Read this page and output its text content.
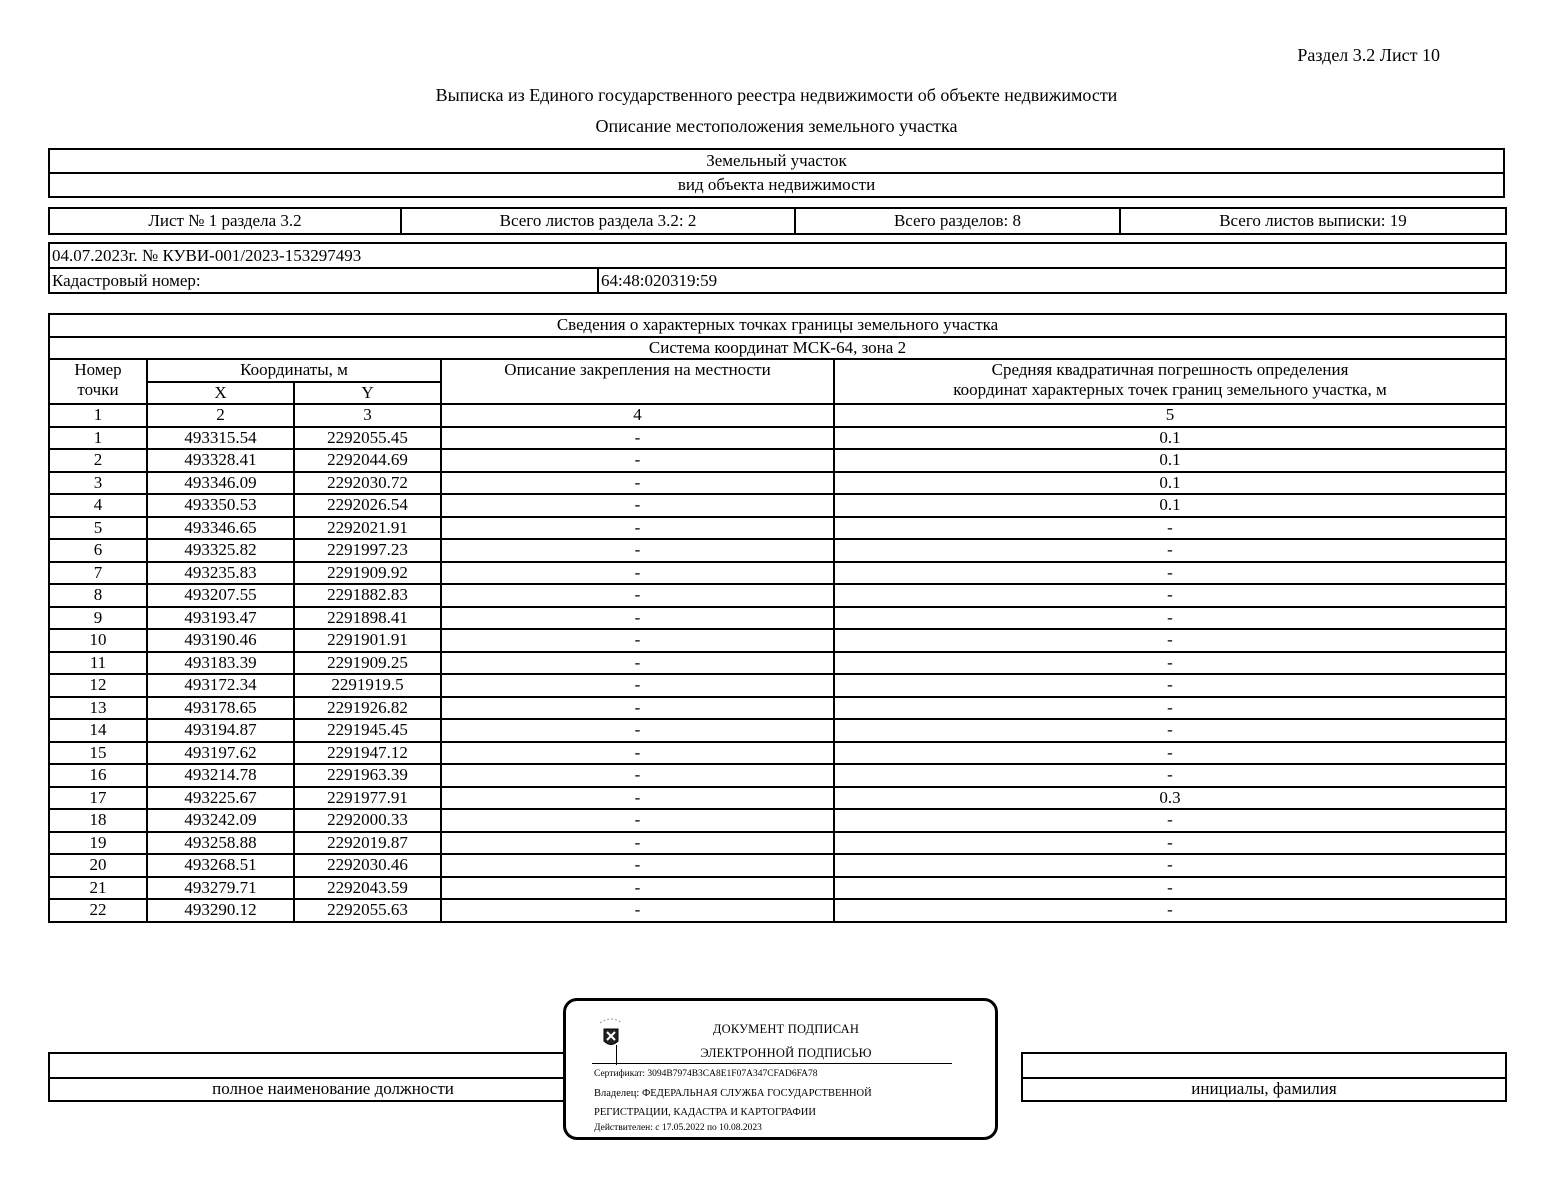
Раздел 3.2 Лист 10
Выписка из Единого государственного реестра недвижимости об объекте недвижимости
Описание местоположения земельного участка
Земельный участок
вид объекта недвижимости
Лист № 1 раздела 3.2	Всего листов раздела 3.2: 2	Всего разделов: 8	Всего листов выписки: 19
04.07.2023г. № КУВИ-001/2023-153297493
Кадастровый номер:	64:48:020319:59
Сведения о характерных точках границы земельного участка				
Система координат МСК-64, зона 2				
Номер
точки	Координаты, м		Описание закрепления на местности	Средняя квадратичная погрешность определения
координат характерных точек границ земельного участка, м
	X	Y		
1	2	3	4	5
1	493315.54	2292055.45	-	0.1
2	493328.41	2292044.69	-	0.1
3	493346.09	2292030.72	-	0.1
4	493350.53	2292026.54	-	0.1
5	493346.65	2292021.91	-	-
6	493325.82	2291997.23	-	-
7	493235.83	2291909.92	-	-
8	493207.55	2291882.83	-	-
9	493193.47	2291898.41	-	-
10	493190.46	2291901.91	-	-
11	493183.39	2291909.25	-	-
12	493172.34	2291919.5	-	-
13	493178.65	2291926.82	-	-
14	493194.87	2291945.45	-	-
15	493197.62	2291947.12	-	-
16	493214.78	2291963.39	-	-
17	493225.67	2291977.91	-	0.3
18	493242.09	2292000.33	-	-
19	493258.88	2292019.87	-	-
20	493268.51	2292030.46	-	-
21	493279.71	2292043.59	-	-
22	493290.12	2292055.63	-	-

полное наименование должности		инициалы, фамилия
ДОКУМЕНТ ПОДПИСАН
ЭЛЕКТРОННОЙ ПОДПИСЬЮ
Сертификат: 3094B7974B3CA8E1F07A347CFAD6FA78
Владелец: ФЕДЕРАЛЬНАЯ СЛУЖБА ГОСУДАРСТВЕННОЙ
РЕГИСТРАЦИИ, КАДАСТРА И КАРТОГРАФИИ
Действителен: с 17.05.2022 по 10.08.2023
